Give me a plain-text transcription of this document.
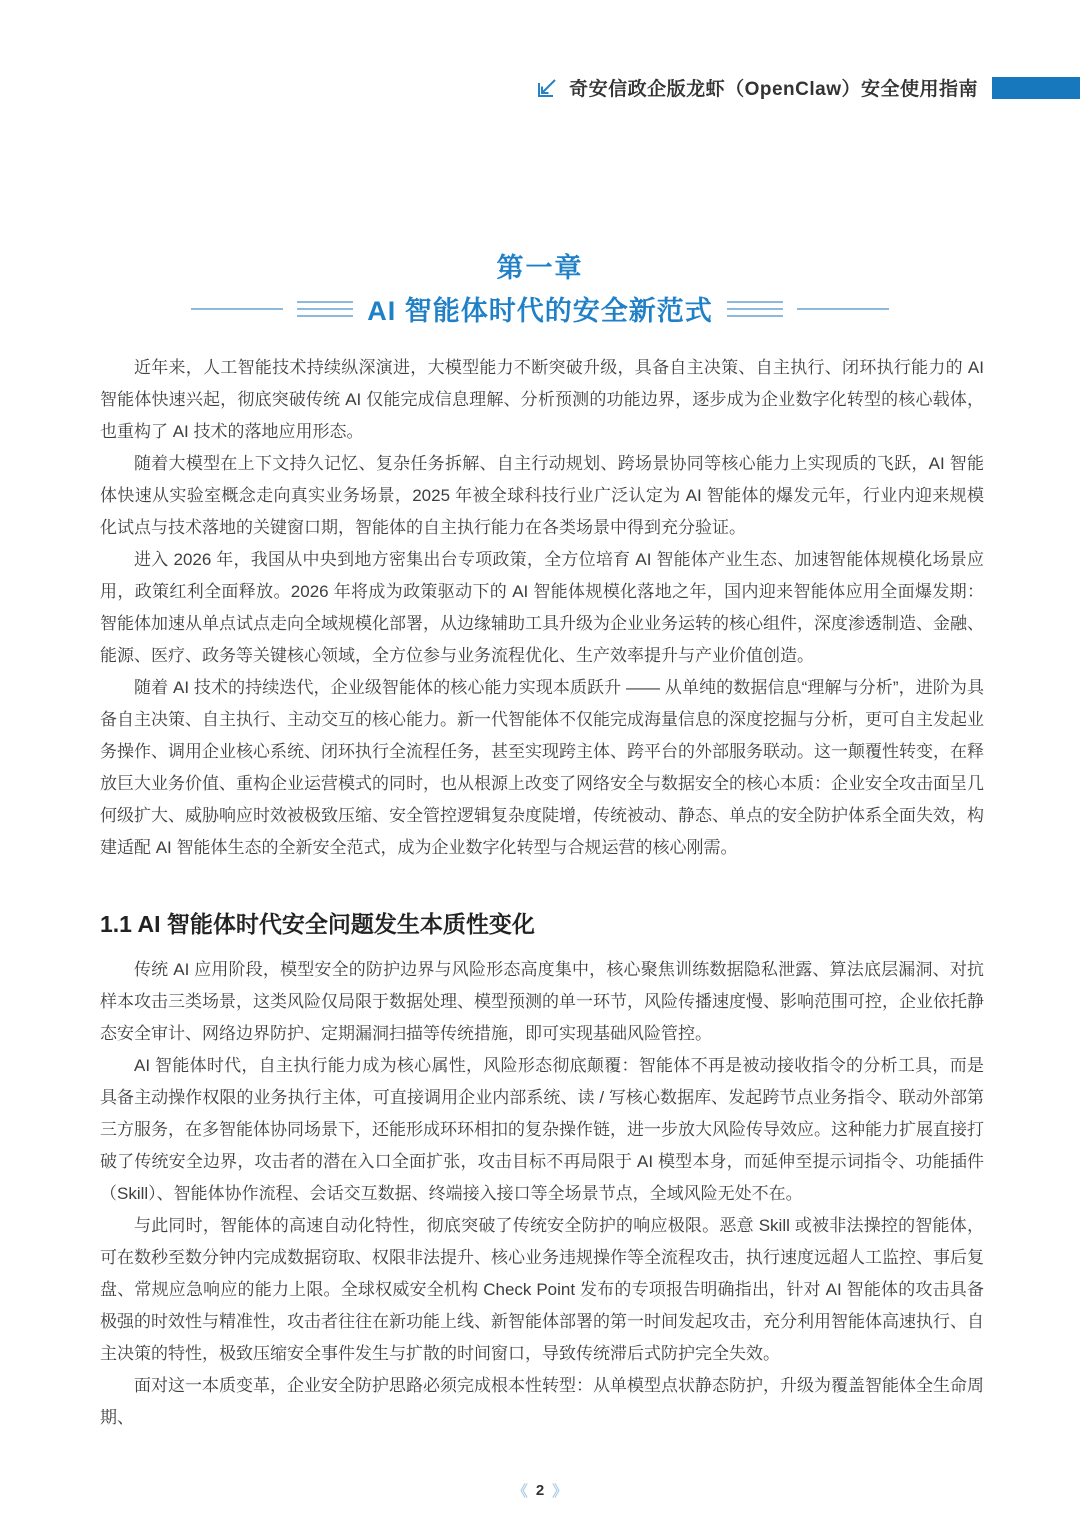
奇安信政企版龙虾（OpenClaw）安全使用指南
第一章
AI 智能体时代的安全新范式

近年来，人工智能技术持续纵深演进，大模型能力不断突破升级，具备自主决策、自主执行、闭环执行能力的 AI 智能体快速兴起，彻底突破传统 AI 仅能完成信息理解、分析预测的功能边界，逐步成为企业数字化转型的核心载体，也重构了 AI 技术的落地应用形态。

随着大模型在上下文持久记忆、复杂任务拆解、自主行动规划、跨场景协同等核心能力上实现质的飞跃，AI 智能体快速从实验室概念走向真实业务场景，2025 年被全球科技行业广泛认定为 AI 智能体的爆发元年，行业内迎来规模化试点与技术落地的关键窗口期，智能体的自主执行能力在各类场景中得到充分验证。

进入 2026 年，我国从中央到地方密集出台专项政策，全方位培育 AI 智能体产业生态、加速智能体规模化场景应用，政策红利全面释放。2026 年将成为政策驱动下的 AI 智能体规模化落地之年，国内迎来智能体应用全面爆发期：智能体加速从单点试点走向全域规模化部署，从边缘辅助工具升级为企业业务运转的核心组件，深度渗透制造、金融、能源、医疗、政务等关键核心领域，全方位参与业务流程优化、生产效率提升与产业价值创造。

随着 AI 技术的持续迭代，企业级智能体的核心能力实现本质跃升 —— 从单纯的数据信息“理解与分析”，进阶为具备自主决策、自主执行、主动交互的核心能力。新一代智能体不仅能完成海量信息的深度挖掘与分析，更可自主发起业务操作、调用企业核心系统、闭环执行全流程任务，甚至实现跨主体、跨平台的外部服务联动。这一颠覆性转变，在释放巨大业务价值、重构企业运营模式的同时，也从根源上改变了网络安全与数据安全的核心本质：企业安全攻击面呈几何级扩大、威胁响应时效被极致压缩、安全管控逻辑复杂度陡增，传统被动、静态、单点的安全防护体系全面失效，构建适配 AI 智能体生态的全新安全范式，成为企业数字化转型与合规运营的核心刚需。

1.1 AI 智能体时代安全问题发生本质性变化

传统 AI 应用阶段，模型安全的防护边界与风险形态高度集中，核心聚焦训练数据隐私泄露、算法底层漏洞、对抗样本攻击三类场景，这类风险仅局限于数据处理、模型预测的单一环节，风险传播速度慢、影响范围可控，企业依托静态安全审计、网络边界防护、定期漏洞扫描等传统措施，即可实现基础风险管控。

AI 智能体时代，自主执行能力成为核心属性，风险形态彻底颠覆：智能体不再是被动接收指令的分析工具，而是具备主动操作权限的业务执行主体，可直接调用企业内部系统、读 / 写核心数据库、发起跨节点业务指令、联动外部第三方服务，在多智能体协同场景下，还能形成环环相扣的复杂操作链，进一步放大风险传导效应。这种能力扩展直接打破了传统安全边界，攻击者的潜在入口全面扩张，攻击目标不再局限于 AI 模型本身，而延伸至提示词指令、功能插件（Skill）、智能体协作流程、会话交互数据、终端接入接口等全场景节点，全域风险无处不在。

与此同时，智能体的高速自动化特性，彻底突破了传统安全防护的响应极限。恶意 Skill 或被非法操控的智能体，可在数秒至数分钟内完成数据窃取、权限非法提升、核心业务违规操作等全流程攻击，执行速度远超人工监控、事后复盘、常规应急响应的能力上限。全球权威安全机构 Check Point 发布的专项报告明确指出，针对 AI 智能体的攻击具备极强的时效性与精准性，攻击者往往在新功能上线、新智能体部署的第一时间发起攻击，充分利用智能体高速执行、自主决策的特性，极致压缩安全事件发生与扩散的时间窗口，导致传统滞后式防护完全失效。

面对这一本质变革，企业安全防护思路必须完成根本性转型：从单模型点状静态防护，升级为覆盖智能体全生命周期、

《 2 》
